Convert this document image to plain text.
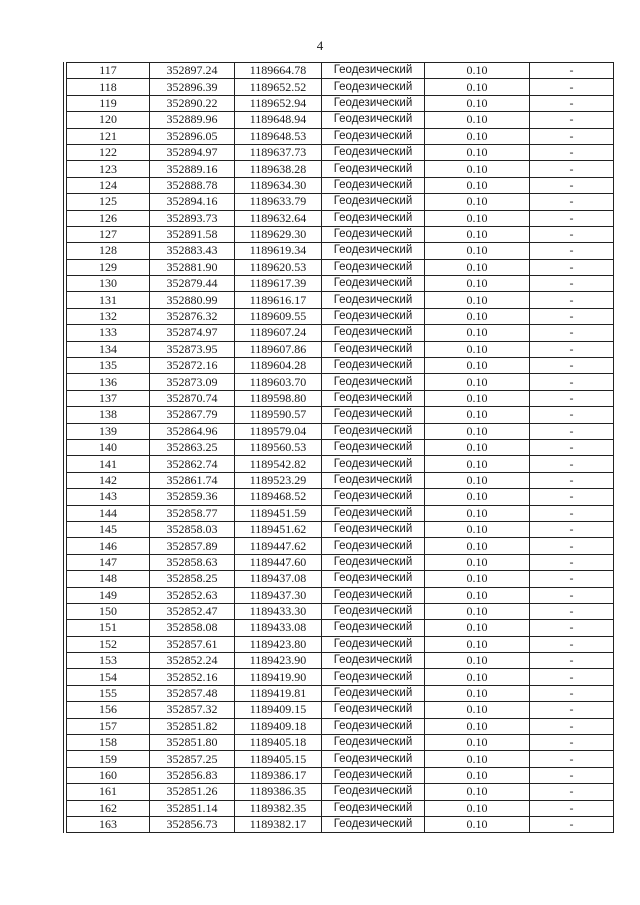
4
117	352897.24	1189664.78	Геодезический	0.10	-
118	352896.39	1189652.52	Геодезический	0.10	-
119	352890.22	1189652.94	Геодезический	0.10	-
120	352889.96	1189648.94	Геодезический	0.10	-
121	352896.05	1189648.53	Геодезический	0.10	-
122	352894.97	1189637.73	Геодезический	0.10	-
123	352889.16	1189638.28	Геодезический	0.10	-
124	352888.78	1189634.30	Геодезический	0.10	-
125	352894.16	1189633.79	Геодезический	0.10	-
126	352893.73	1189632.64	Геодезический	0.10	-
127	352891.58	1189629.30	Геодезический	0.10	-
128	352883.43	1189619.34	Геодезический	0.10	-
129	352881.90	1189620.53	Геодезический	0.10	-
130	352879.44	1189617.39	Геодезический	0.10	-
131	352880.99	1189616.17	Геодезический	0.10	-
132	352876.32	1189609.55	Геодезический	0.10	-
133	352874.97	1189607.24	Геодезический	0.10	-
134	352873.95	1189607.86	Геодезический	0.10	-
135	352872.16	1189604.28	Геодезический	0.10	-
136	352873.09	1189603.70	Геодезический	0.10	-
137	352870.74	1189598.80	Геодезический	0.10	-
138	352867.79	1189590.57	Геодезический	0.10	-
139	352864.96	1189579.04	Геодезический	0.10	-
140	352863.25	1189560.53	Геодезический	0.10	-
141	352862.74	1189542.82	Геодезический	0.10	-
142	352861.74	1189523.29	Геодезический	0.10	-
143	352859.36	1189468.52	Геодезический	0.10	-
144	352858.77	1189451.59	Геодезический	0.10	-
145	352858.03	1189451.62	Геодезический	0.10	-
146	352857.89	1189447.62	Геодезический	0.10	-
147	352858.63	1189447.60	Геодезический	0.10	-
148	352858.25	1189437.08	Геодезический	0.10	-
149	352852.63	1189437.30	Геодезический	0.10	-
150	352852.47	1189433.30	Геодезический	0.10	-
151	352858.08	1189433.08	Геодезический	0.10	-
152	352857.61	1189423.80	Геодезический	0.10	-
153	352852.24	1189423.90	Геодезический	0.10	-
154	352852.16	1189419.90	Геодезический	0.10	-
155	352857.48	1189419.81	Геодезический	0.10	-
156	352857.32	1189409.15	Геодезический	0.10	-
157	352851.82	1189409.18	Геодезический	0.10	-
158	352851.80	1189405.18	Геодезический	0.10	-
159	352857.25	1189405.15	Геодезический	0.10	-
160	352856.83	1189386.17	Геодезический	0.10	-
161	352851.26	1189386.35	Геодезический	0.10	-
162	352851.14	1189382.35	Геодезический	0.10	-
163	352856.73	1189382.17	Геодезический	0.10	-
